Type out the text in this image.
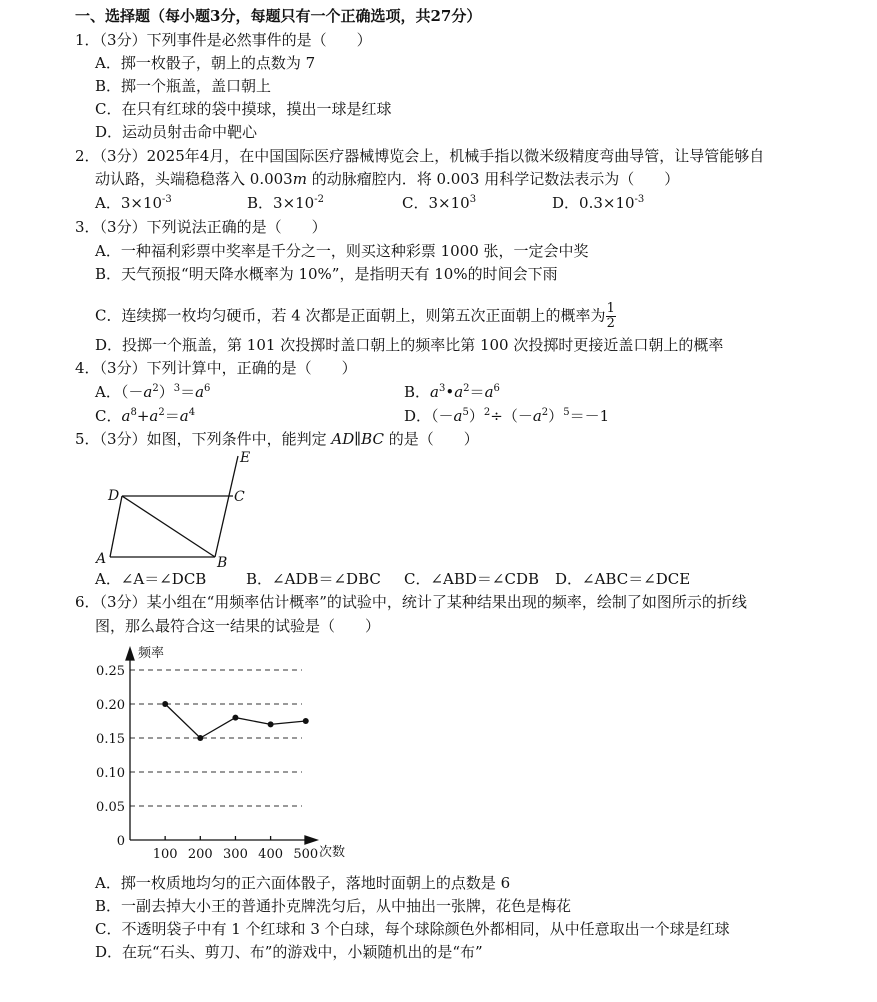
一、选择题（每小题3分，每题只有一个正确选项，共27分）
1．（3分）下列事件是必然事件的是（　　）
A．掷一枚骰子，朝上的点数为 7
B．掷一个瓶盖，盖口朝上
C．在只有红球的袋中摸球，摸出一球是红球
D．运动员射击命中靶心
2．（3分）2025年4月，在中国国际医疗器械博览会上，机械手指以微米级精度弯曲导管，让导管能够自
动认路，头端稳稳落入 0.003m 的动脉瘤腔内．将 0.003 用科学记数法表示为（　　）
A．$3\times 10^{-3}$	B．$3\times 10^{-2}$	C．$3\times 10^3$	D．$0.3\times 10^{-3}$
3．（3分）下列说法正确的是（　　）
A．一种福利彩票中奖率是千分之一，则买这种彩票 1000 张，一定会中奖
B．天气预报“明天降水概率为 10%”，是指明天有 10%的时间会下雨
C．连续掷一枚均匀硬币，若 4 次都是正面朝上，则第五次正面朝上的概率为 $\frac{1}{2}$
D．投掷一个瓶盖，第 101 次投掷时盖口朝上的频率比第 100 次投掷时更接近盖口朝上的概率
4．（3分）下列计算中，正确的是（　　）
A．$(-a^2)^3=a^6$	B．$a^3•a^2=a^6$
C．$a^8+a^2=a^4$	D．$(-a^5)^2\div(-a^2)^5=-1$
5．（3分）如图，下列条件中，能判定 AD∥BC 的是（　　）
D	C
A	B
E
A．∠A＝∠DCB	B．∠ADB＝∠DBC C．∠ABD＝∠CDB D．∠ABC＝∠DCE
6．（3分）某小组在“用频率估计概率”的试验中，统计了某种结果出现的频率，绘制了如图所示的折线
图，那么最符合这一结果的试验是（　　）
0
0.05
0.10
0.15
0.20
0.25
100 200 300 400 500
频率
次数
A．掷一枚质地均匀的正六面体骰子，落地时面朝上的点数是 6
B．一副去掉大小王的普通扑克牌洗匀后，从中抽出一张牌，花色是梅花
C．不透明袋子中有 1 个红球和 3 个白球，每个球除颜色外都相同，从中任意取出一个球是红球
D．在玩“石头、剪刀、布”的游戏中，小颖随机出的是“布”
